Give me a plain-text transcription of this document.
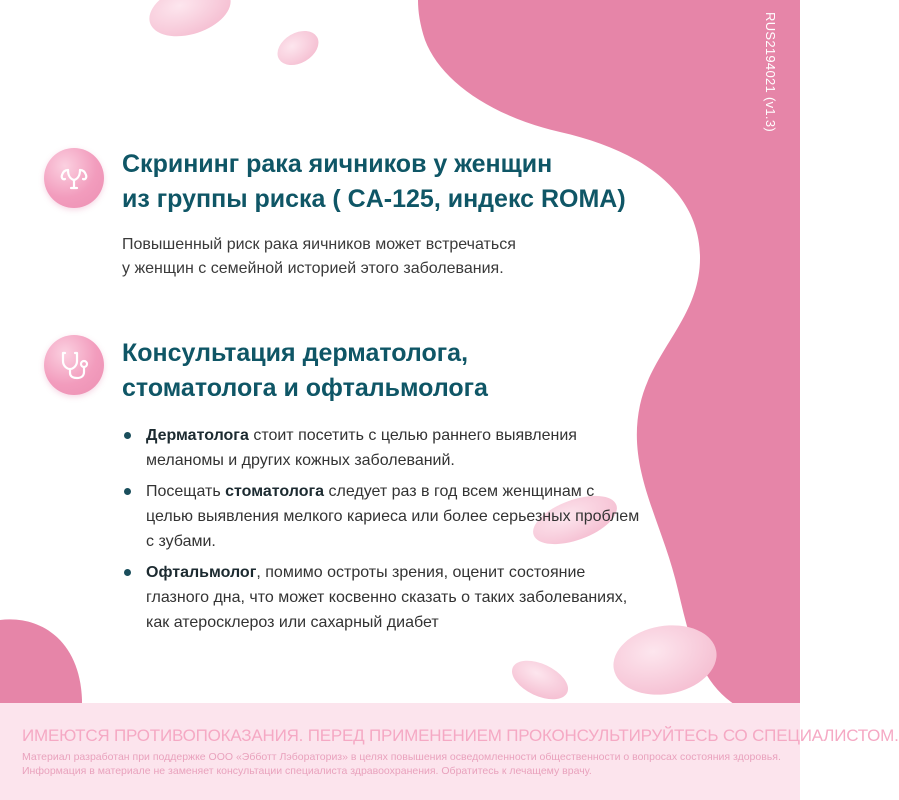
RUS2194021 (v1.3)
Скрининг рака яичников у женщин
из группы риска ( CA-125, индекс ROMA)

Повышенный риск рака яичников может встречаться
у женщин с семейной историей этого заболевания.

Консультация дерматолога,
стоматолога и офтальмолога
Дерматолога стоит посетить с целью раннего выявления меланомы и других кожных заболеваний.
Посещать стоматолога следует раз в год всем женщинам с целью выявления мелкого кариеса или более серьезных проблем с зубами.
Офтальмолог, помимо остроты зрения, оценит состояние глазного дна, что может косвенно сказать о таких заболеваниях, как атеросклероз или сахарный диабет
ИМЕЮТСЯ ПРОТИВОПОКАЗАНИЯ. ПЕРЕД ПРИМЕНЕНИЕМ ПРОКОНСУЛЬТИРУЙТЕСЬ СО СПЕЦИАЛИСТОМ.
Материал разработан при поддержке ООО «Эбботт Лэбораториз» в целях повышения осведомленности общественности о вопросах состояния здоровья.
Информация в материале не заменяет консультации специалиста здравоохранения. Обратитесь к лечащему врачу.
